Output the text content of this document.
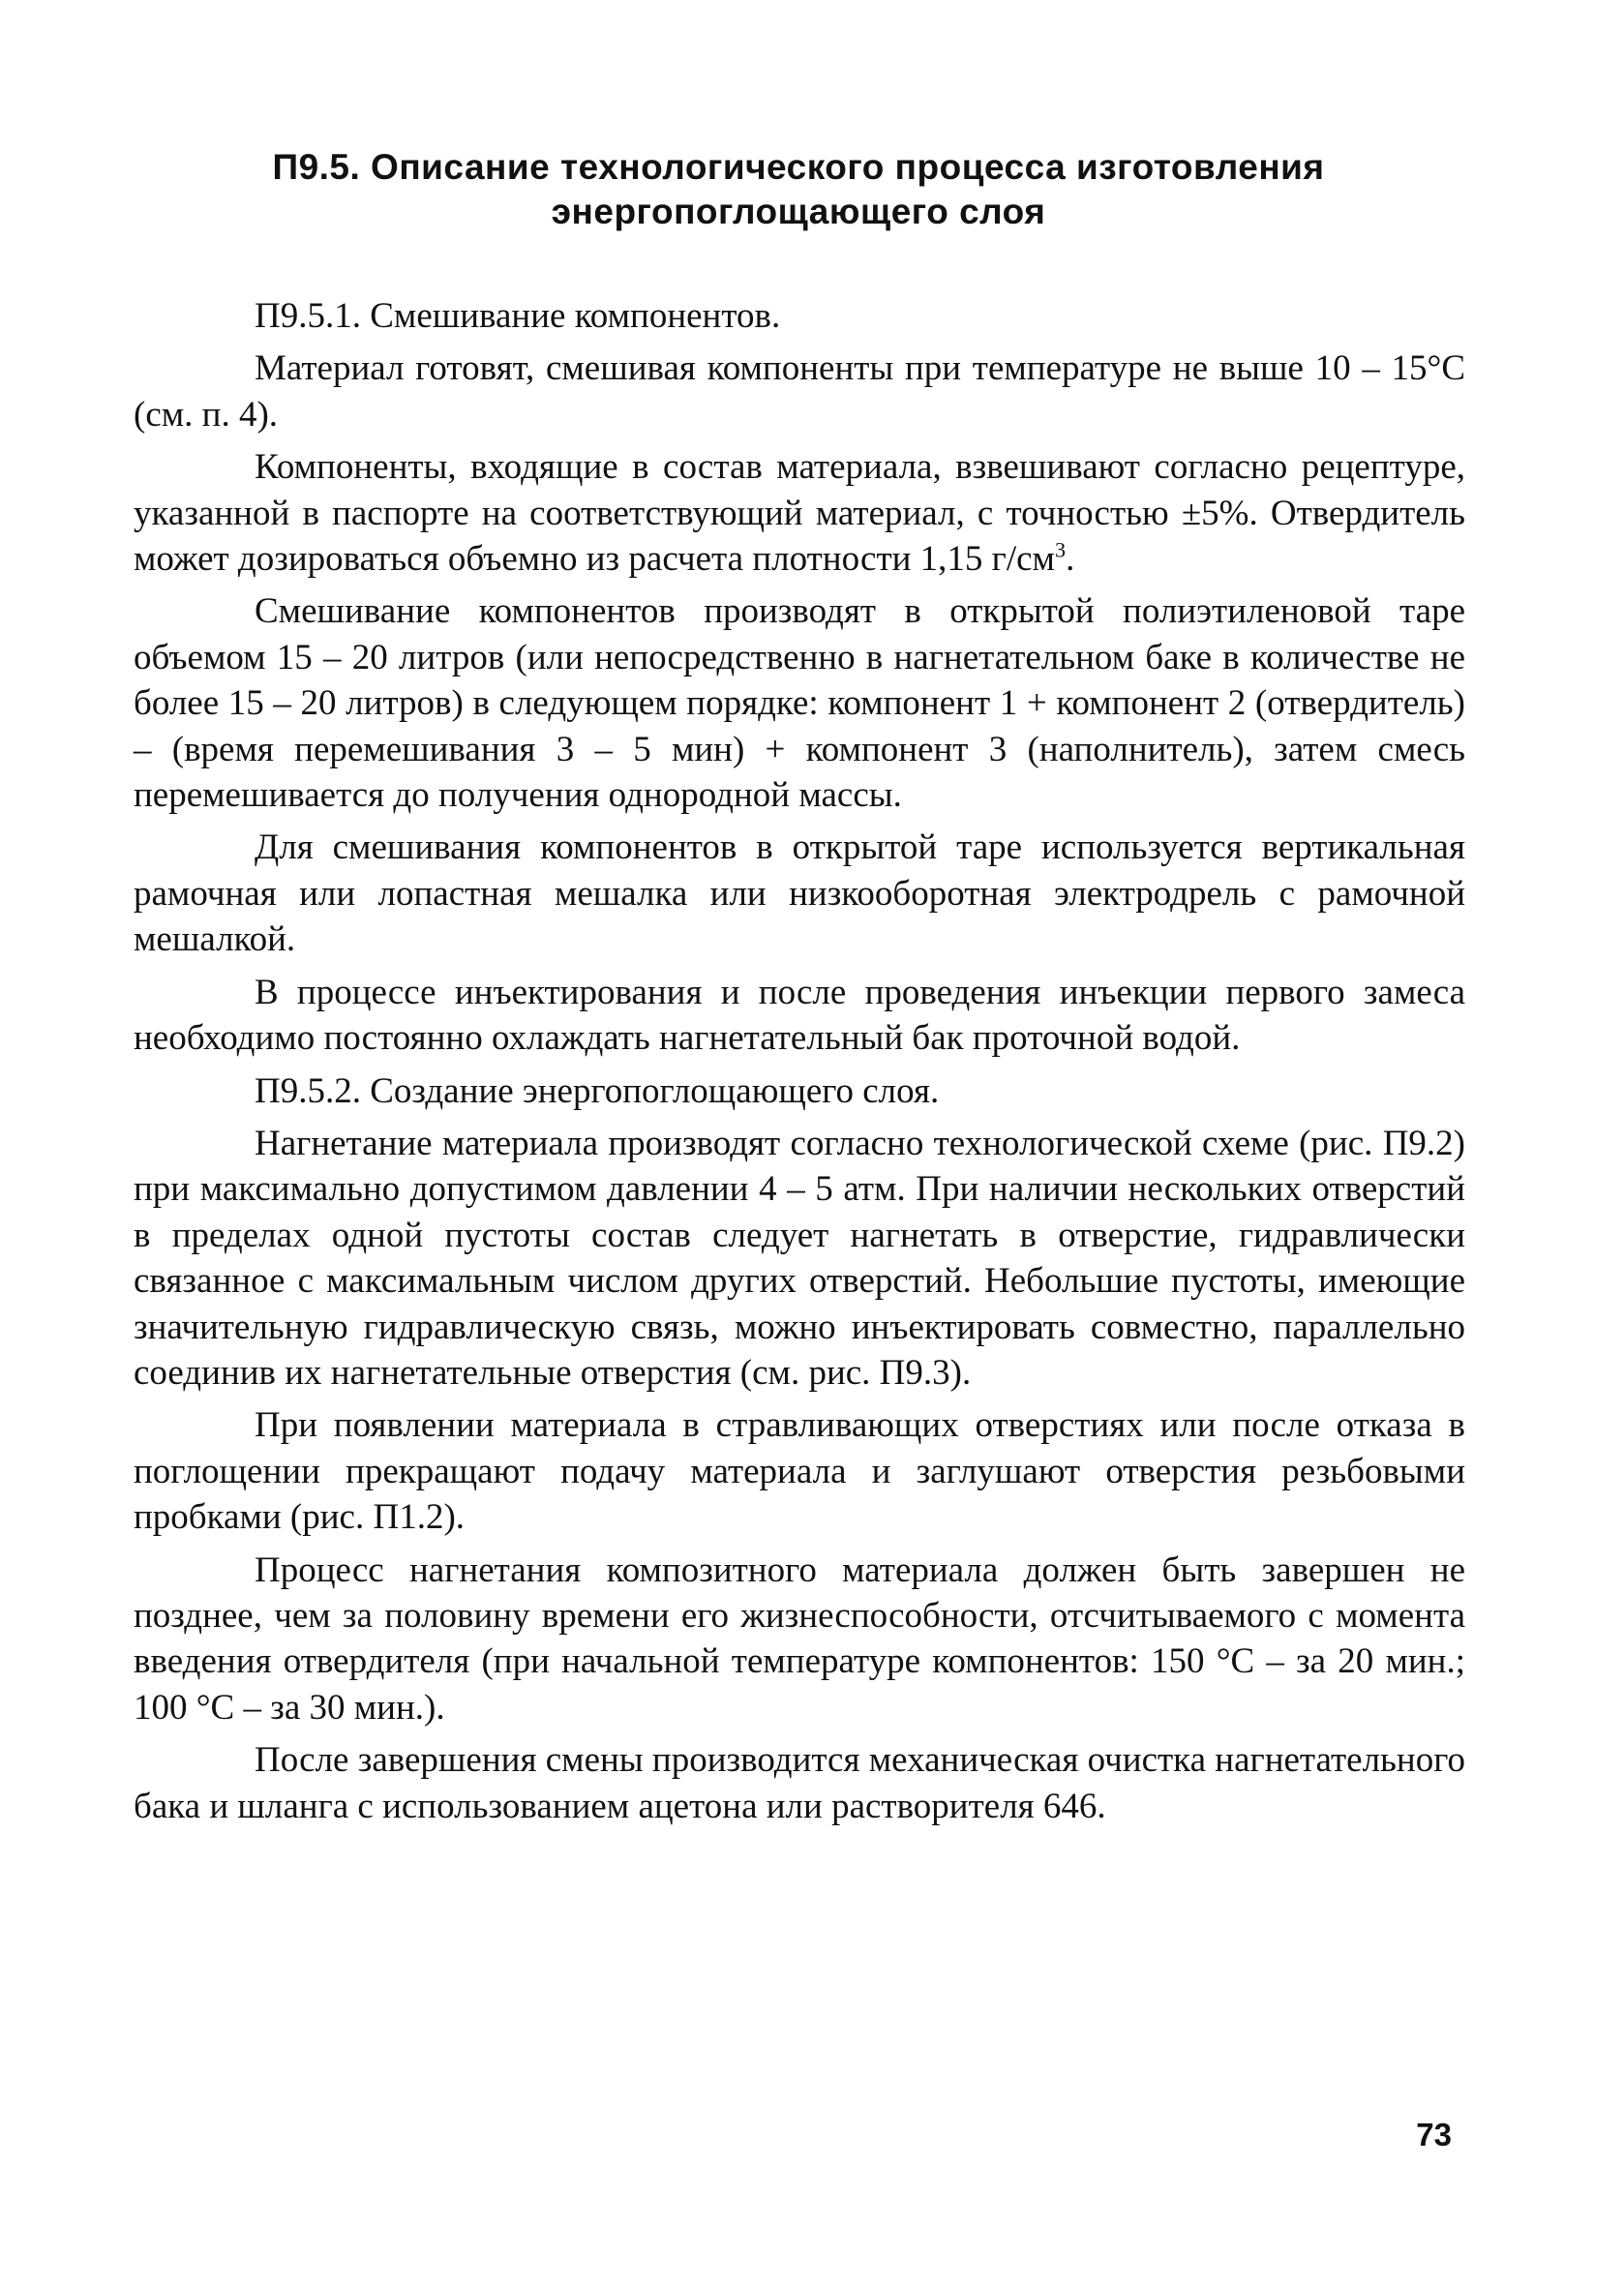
П9.5. Описание технологического процесса изготовления
энергопоглощающего слоя

П9.5.1. Смешивание компонентов.

Материал готовят, смешивая компоненты при температуре не выше 10 – 15°С (см. п. 4).

Компоненты, входящие в состав материала, взвешивают согласно рецептуре, указанной в паспорте на соответствующий материал, с точностью ±5%. Отвердитель может дозироваться объемно из расчета плотности 1,15 $г/см^3$.

Смешивание компонентов производят в открытой полиэтиленовой таре объемом 15 – 20 литров (или непосредственно в нагнетательном баке в количестве не более 15 – 20 литров) в следующем порядке: компонент 1 + компонент 2 (отвердитель) – (время перемешивания 3 – 5 мин) + компонент 3 (наполнитель), затем смесь перемешивается до получения однородной массы.

Для смешивания компонентов в открытой таре используется вертикальная рамочная или лопастная мешалка или низкооборотная электродрель с рамочной мешалкой.

В процессе инъектирования и после проведения инъекции первого замеса необходимо постоянно охлаждать нагнетательный бак проточной водой.

П9.5.2. Создание энергопоглощающего слоя.

Нагнетание материала производят согласно технологической схеме (рис. П9.2) при максимально допустимом давлении 4 – 5 атм. При наличии нескольких отверстий в пределах одной пустоты состав следует нагнетать в отверстие, гидравлически связанное с максимальным числом других отверстий. Небольшие пустоты, имеющие значительную гидравлическую связь, можно инъектировать совместно, параллельно соединив их нагнетательные отверстия (см. рис. П9.3).

При появлении материала в стравливающих отверстиях или после отказа в поглощении прекращают подачу материала и заглушают отверстия резьбовыми пробками (рис. П1.2).

Процесс нагнетания композитного материала должен быть завершен не позднее, чем за половину времени его жизнеспособности, отсчитываемого с момента введения отвердителя (при начальной температуре компонентов: 150 °С – за 20 мин.; 100 °С – за 30 мин.).

После завершения смены производится механическая очистка нагнетательного бака и шланга с использованием ацетона или растворителя 646.

73
